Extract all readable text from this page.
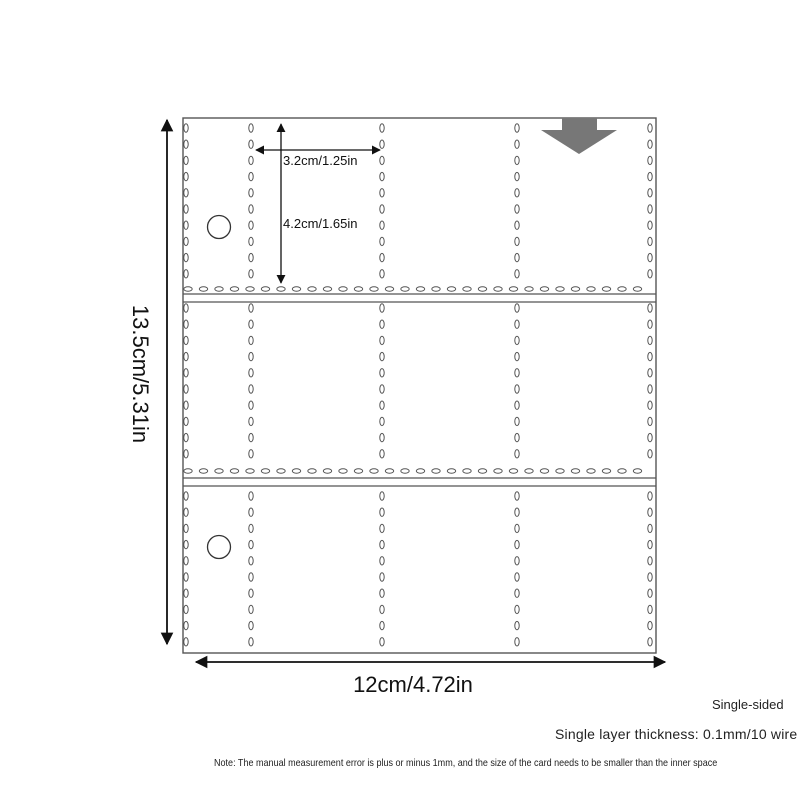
3.2cm/1.25in
4.2cm/1.65in
13.5cm/5.31in
12cm/4.72in
Single-sided
Single layer thickness: 0.1mm/10 wire
Note: The manual measurement error is plus or minus 1mm, and the size of the card needs to be smaller than the inner space
